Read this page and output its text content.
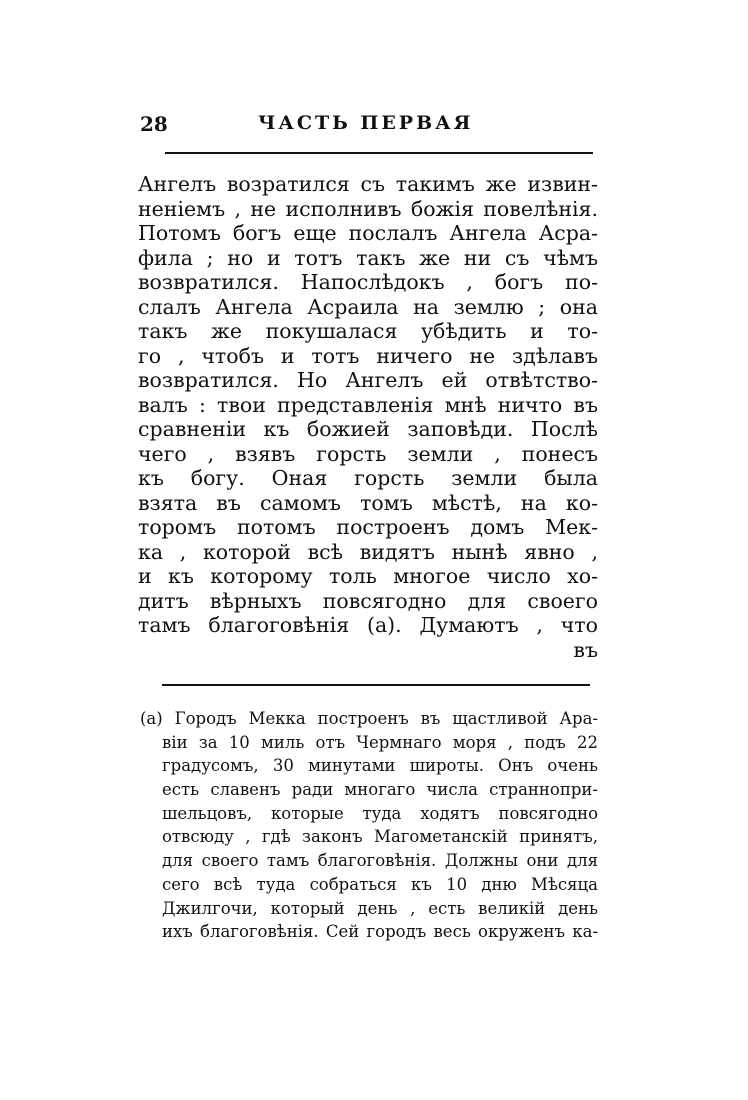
28	ЧАСТЬ ПЕРВАЯ
Ангелъ возратился съ такимъ же извин-
неніемъ , не исполнивъ божія повелѣнія.
Потомъ богъ еще послалъ Ангела Асра-
фила ; но и тотъ такъ же ни съ чѣмъ
возвратился. Напослѣдокъ , богъ по-
слалъ Ангела Асраила на землю ; она
такъ же покушалася убѣдить и то-
го , чтобъ и тотъ ничего не здѣлавъ
возвратился. Но Ангелъ ей отвѣтство-
валъ : твои представленія мнѣ ничто въ
сравненіи къ божией заповѣди. Послѣ
чего , взявъ горсть земли , понесъ
къ богу. Оная горсть земли была
взята въ самомъ томъ мѣстѣ, на ко-
торомъ потомъ построенъ домъ Мек-
ка , которой всѣ видятъ нынѣ явно ,
и къ которому толь многое число хо-
дитъ вѣрныхъ повсягодно для своего
тамъ благоговѣнія (а). Думаютъ , что
въ
(а) Городъ Мекка построенъ въ щастливой Ара-
віи за 10 миль отъ Чермнаго моря , подъ 22
градусомъ, 30 минутами широты. Онъ очень
есть славенъ ради многаго числа страннопри-
шельцовъ, которые туда ходятъ повсягодно
отвсюду , гдѣ законъ Магометанскій принятъ,
для своего тамъ благоговѣнія. Должны они для
сего всѣ туда собраться къ 10 дню Мѣсяца
Джилгочи, который день , есть великій день
ихъ благоговѣнія. Сей городъ весь окруженъ ка-
